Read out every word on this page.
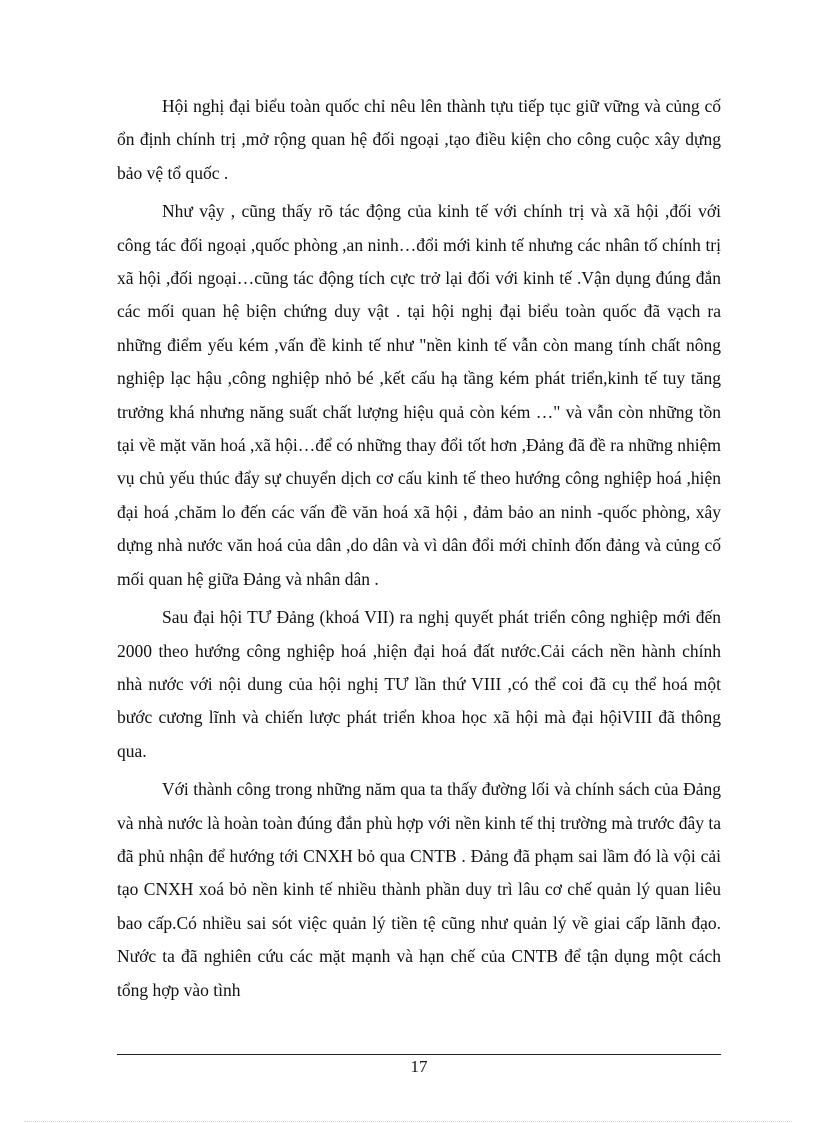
Hội nghị đại biểu toàn quốc chỉ nêu lên thành tựu tiếp tục giữ vững và củng cố ổn định chính trị ,mở rộng quan hệ đối ngoại ,tạo điều kiện cho công cuộc xây dựng bảo vệ tổ quốc .

Như vậy , cũng thấy rõ tác động của kinh tế với chính trị và xã hội ,đối với công tác đối ngoại ,quốc phòng ,an ninh…đổi mới kinh tế nhưng các nhân tố chính trị xã hội ,đối ngoại…cũng tác động tích cực trở lại đối với kinh tế .Vận dụng đúng đắn các mối quan hệ biện chứng duy vật . tại hội nghị đại biểu toàn quốc đã vạch ra những điểm yếu kém ,vấn đề kinh tế như "nền kinh tế vẫn còn mang tính chất nông nghiệp lạc hậu ,công nghiệp nhỏ bé ,kết cấu hạ tầng kém phát triển,kinh tế tuy tăng trưởng khá nhưng năng suất chất lượng hiệu quả còn kém …" và vẫn còn những tồn tại về mặt văn hoá ,xã hội…để có những thay đổi tốt hơn ,Đảng đã đề ra những nhiệm vụ chủ yếu thúc đẩy sự chuyển dịch cơ cấu kinh tế theo hướng công nghiệp hoá ,hiện đại hoá ,chăm lo đến các vấn đề văn hoá xã hội , đảm bảo an ninh -quốc phòng, xây dựng nhà nước văn hoá của dân ,do dân và vì dân đổi mới chỉnh đốn đảng và củng cố mối quan hệ giữa Đảng và nhân dân .

Sau đại hội TƯ Đảng (khoá VII) ra nghị quyết phát triển công nghiệp mới đến 2000 theo hướng công nghiệp hoá ,hiện đại hoá đất nước.Cải cách nền hành chính nhà nước với nội dung của hội nghị TƯ lần thứ VIII ,có thể coi đã cụ thể hoá một bước cương lĩnh và chiến lược phát triển khoa học xã hội mà đại hộiVIII đã thông qua.

Với thành công trong những năm qua ta thấy đường lối và chính sách của Đảng và nhà nước là hoàn toàn đúng đắn phù hợp với nền kinh tế thị trường mà trước đây ta đã phủ nhận để hướng tới CNXH bỏ qua CNTB . Đảng đã phạm sai lầm đó là vội cải tạo CNXH xoá bỏ nền kinh tế nhiều thành phần duy trì lâu cơ chế quản lý quan liêu bao cấp.Có nhiều sai sót việc quản lý tiền tệ cũng như quản lý về giai cấp lãnh đạo. Nước ta đã nghiên cứu các mặt mạnh và hạn chế của CNTB để tận dụng một cách tổng hợp vào tình

17
